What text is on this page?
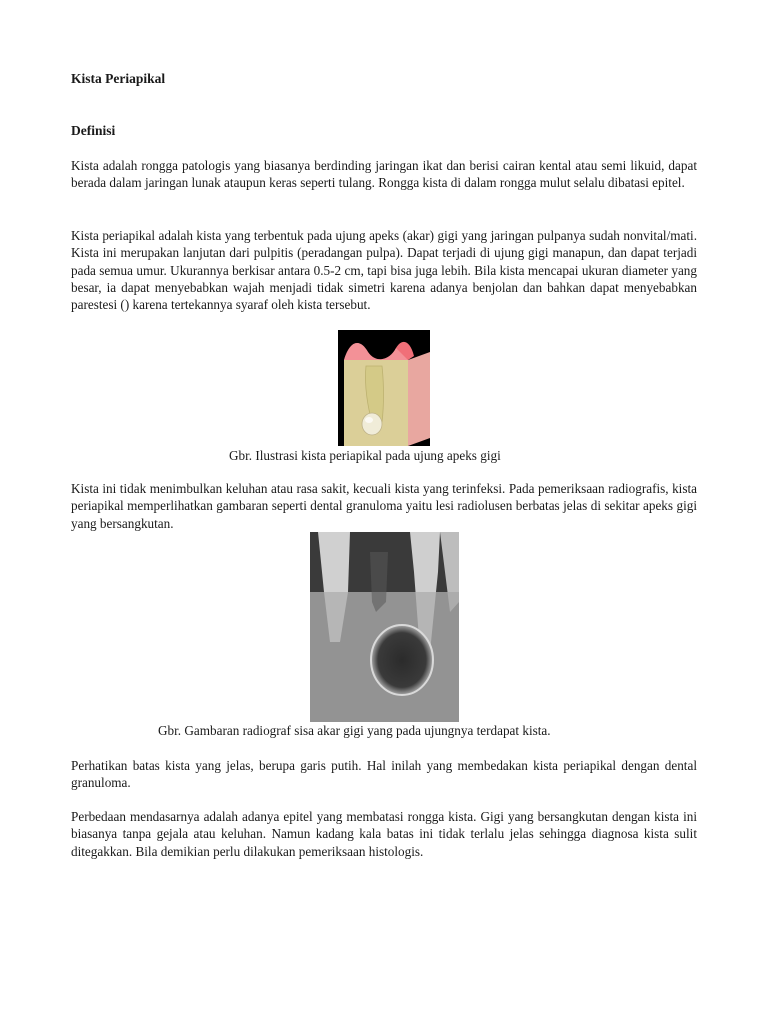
Kista Periapikal
Definisi

Kista adalah rongga patologis yang biasanya berdinding jaringan ikat dan berisi cairan kental atau semi likuid, dapat berada dalam jaringan lunak ataupun keras seperti tulang. Rongga kista di dalam rongga mulut selalu dibatasi epitel.

Kista periapikal adalah kista yang terbentuk pada ujung apeks (akar) gigi yang jaringan pulpanya sudah nonvital/mati. Kista ini merupakan lanjutan dari pulpitis (peradangan pulpa). Dapat terjadi di ujung gigi manapun, dan dapat terjadi pada semua umur. Ukurannya berkisar antara 0.5-2 cm, tapi bisa juga lebih. Bila kista mencapai ukuran diameter yang besar, ia dapat menyebabkan wajah menjadi tidak simetri karena adanya benjolan dan bahkan dapat menyebabkan parestesi () karena tertekannya syaraf oleh kista tersebut.

Kista ini tidak menimbulkan keluhan atau rasa sakit, kecuali kista yang terinfeksi. Pada pemeriksaan radiografis, kista periapikal memperlihatkan gambaran seperti dental granuloma yaitu lesi radiolusen berbatas jelas di sekitar apeks gigi yang bersangkutan.

Perhatikan batas kista yang jelas, berupa garis putih. Hal inilah yang membedakan kista periapikal dengan dental granuloma.

Perbedaan mendasarnya adalah adanya epitel yang membatasi rongga kista. Gigi yang bersangkutan dengan kista ini biasanya tanpa gejala atau keluhan. Namun kadang kala batas ini tidak terlalu jelas sehingga diagnosa kista sulit ditegakkan. Bila demikian perlu dilakukan pemeriksaan histologis.

Gbr. Ilustrasi kista periapikal pada ujung apeks gigi
Gbr. Gambaran radiograf sisa akar gigi yang pada ujungnya terdapat kista.
